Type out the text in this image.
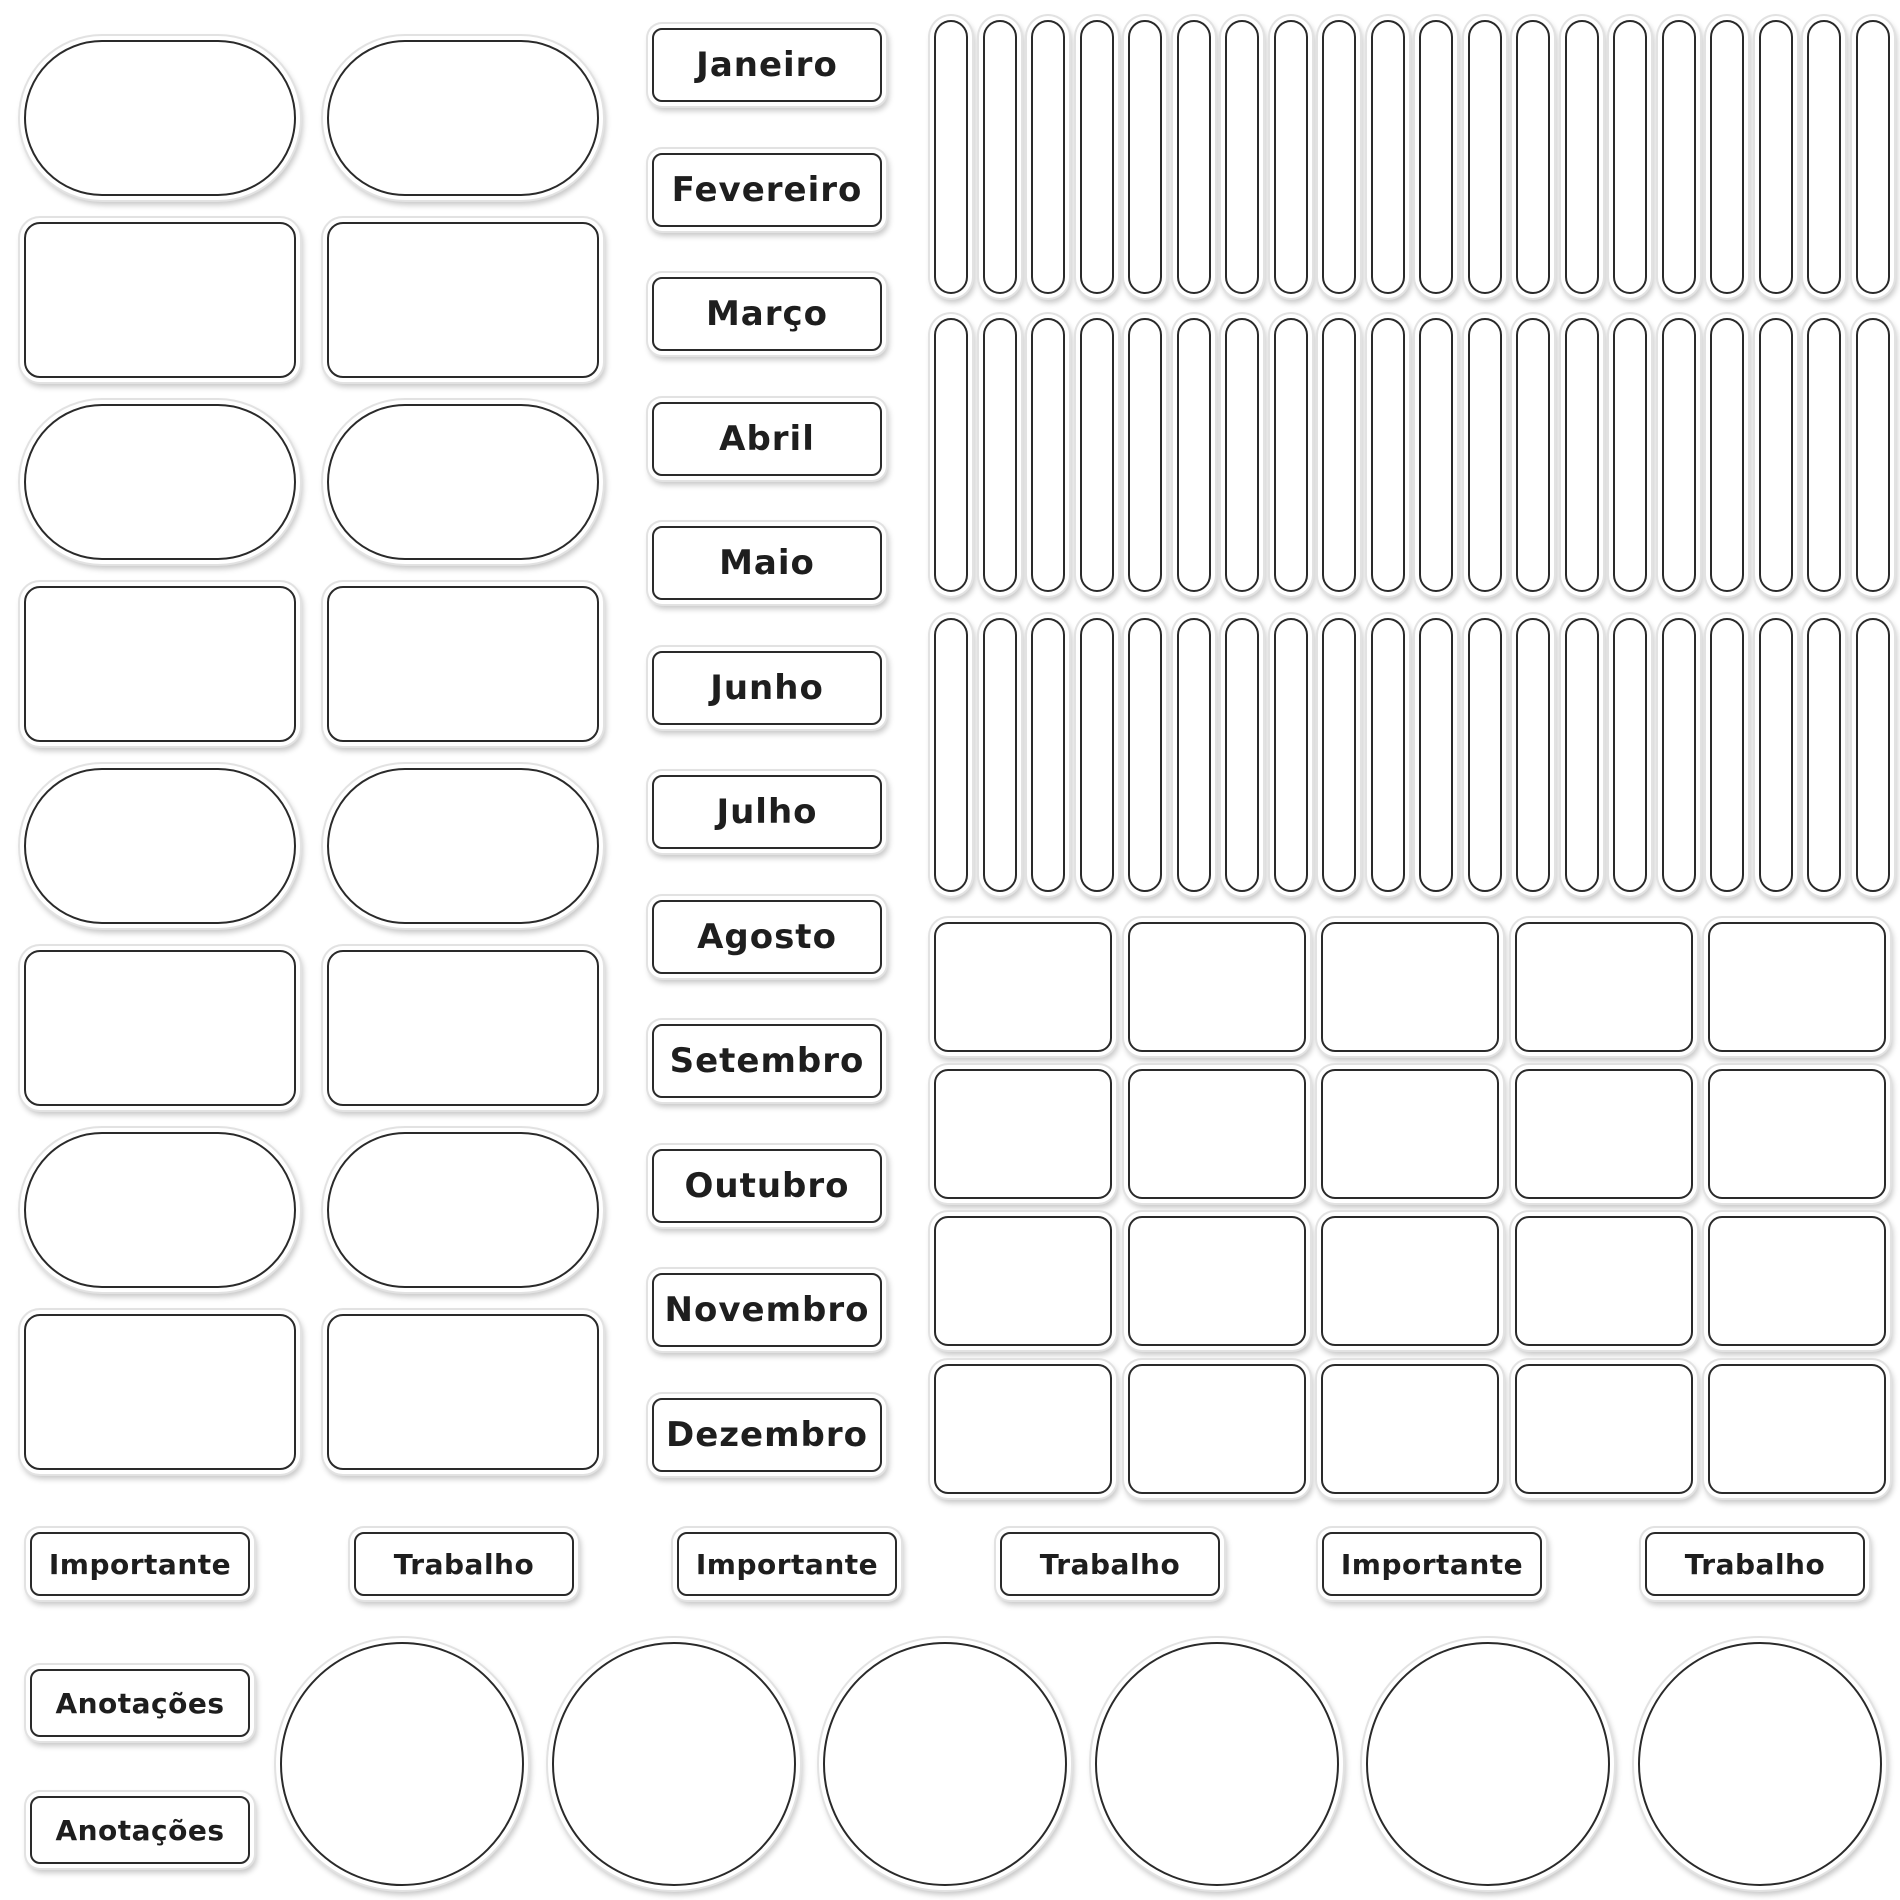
Janeiro
Fevereiro
Março
Abril
Maio
Junho
Julho
Agosto
Setembro
Outubro
Novembro
Dezembro
Importante	Trabalho	Importante	Trabalho	Importante	Trabalho
Anotações
Anotações
